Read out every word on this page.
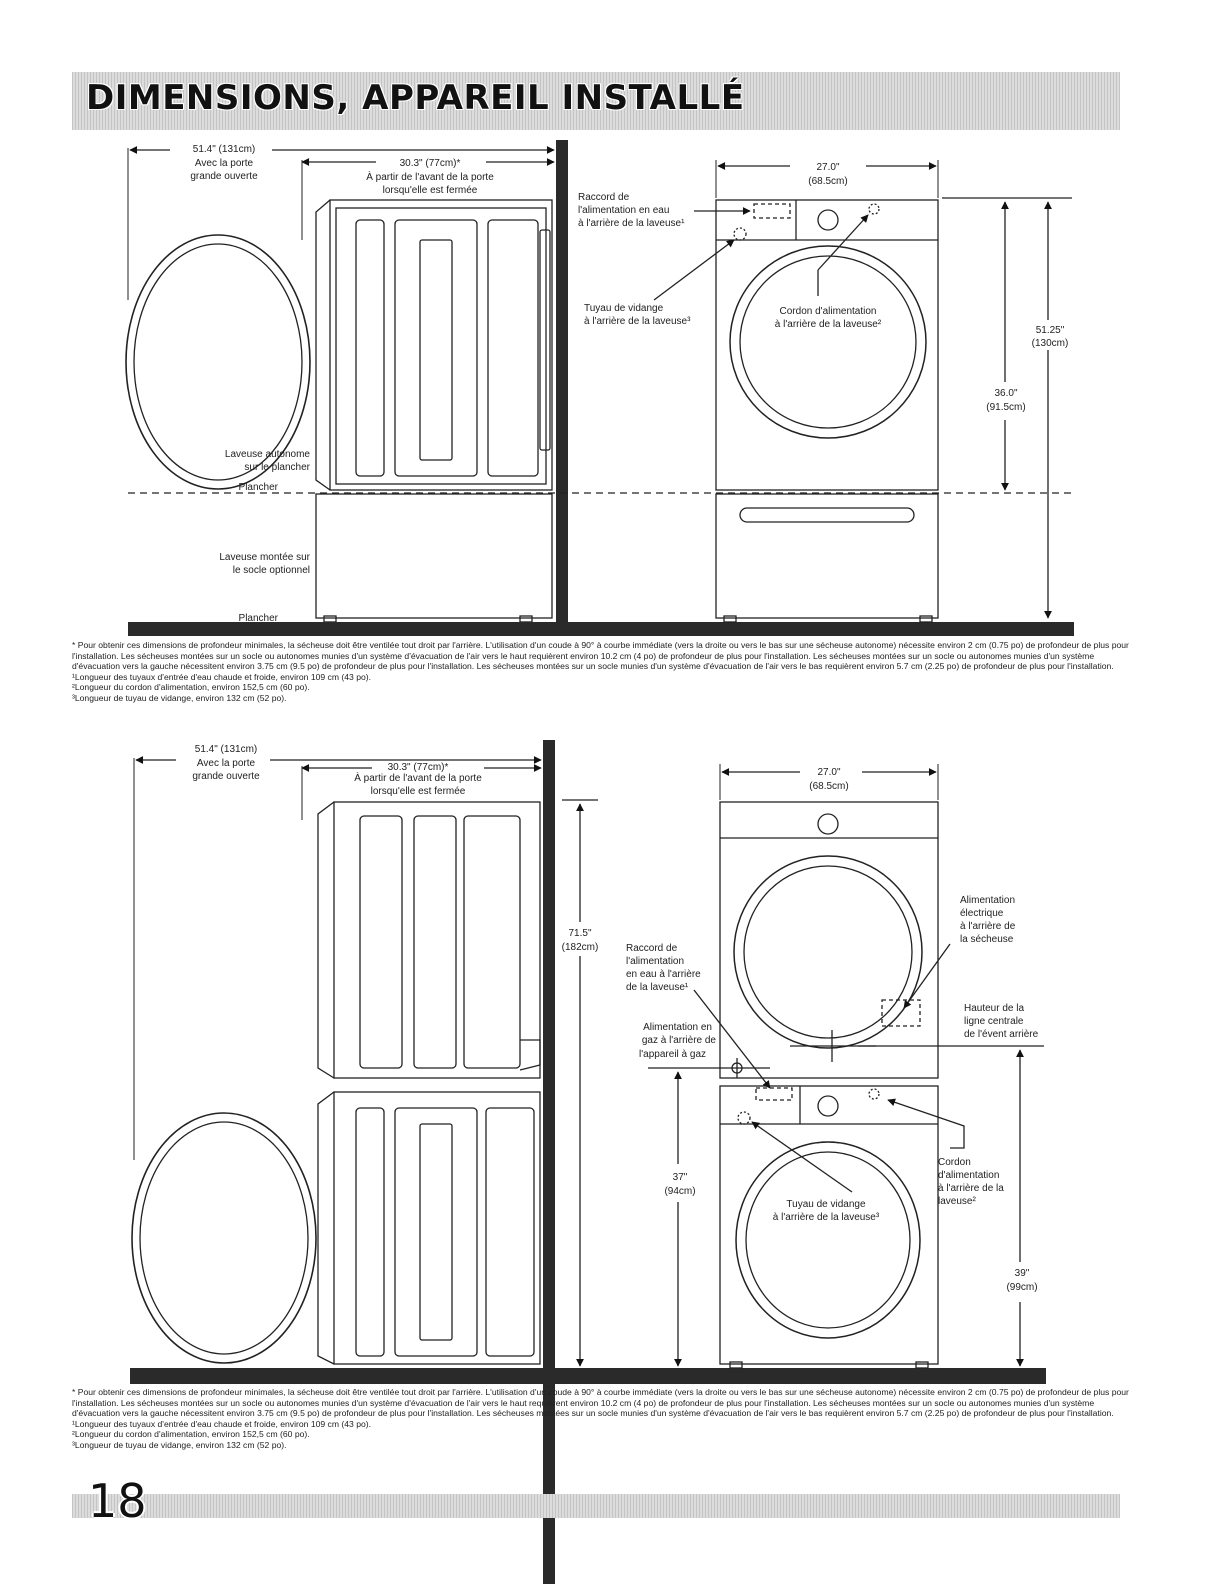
DIMENSIONS, APPAREIL INSTALLÉ
51.4" (131cm)
Avec la porte
grande ouverte
30.3" (77cm)*
À partir de l'avant de la porte
lorsqu'elle est fermée
Laveuse autonome
sur le plancher
Plancher
Laveuse montée sur
le socle optionnel
Plancher
27.0"
(68.5cm)
Raccord de
l'alimentation en eau
à l'arrière de la laveuse¹
Tuyau de vidange
à l'arrière de la laveuse³
Cordon d'alimentation
à l'arrière de la laveuse²
51.25"
(130cm)
36.0"
(91.5cm)
51.4" (131cm)
Avec la porte
grande ouverte
30.3" (77cm)*
À partir de l'avant de la porte
lorsqu'elle est fermée
27.0"
(68.5cm)
71.5"
(182cm)	Raccord de
l'alimentation
en eau à l'arrière
de la laveuse¹
Alimentation en
gaz à l'arrière de
l'appareil à gaz
Alimentation
électrique
à l'arrière de
la sécheuse
Hauteur de la
ligne centrale
de l'évent arrière
37"
(94cm)
Cordon
d'alimentation
à l'arrière de la
laveuse²
Tuyau de vidange
à l'arrière de la laveuse³
39"
(99cm)

* Pour obtenir ces dimensions de profondeur minimales, la sécheuse doit être ventilée tout droit par l'arrière. L'utilisation d'un coude à 90° à courbe immédiate (vers la droite ou vers le bas sur une sécheuse autonome) nécessite environ 2 cm (0.75 po) de profondeur de plus pour l'installation. Les sécheuses montées sur un socle ou autonomes munies d'un système d'évacuation de l'air vers le haut requièrent environ 10.2 cm (4 po) de profondeur de plus pour l'installation. Les sécheuses montées sur un socle ou autonomes munies d'un système d'évacuation vers la gauche nécessitent environ 3.75 cm (9.5 po) de profondeur de plus pour l'installation. Les sécheuses montées sur un socle munies d'un système d'évacuation de l'air vers le bas requièrent environ 5.7 cm (2.25 po) de profondeur de plus pour l'installation.

¹Longueur des tuyaux d'entrée d'eau chaude et froide, environ 109 cm (43 po).

²Longueur du cordon d'alimentation, environ 152,5 cm (60 po).

³Longueur de tuyau de vidange, environ 132 cm (52 po).

* Pour obtenir ces dimensions de profondeur minimales, la sécheuse doit être ventilée tout droit par l'arrière. L'utilisation d'un coude à 90° à courbe immédiate (vers la droite ou vers le bas sur une sécheuse autonome) nécessite environ 2 cm (0.75 po) de profondeur de plus pour l'installation. Les sécheuses montées sur un socle ou autonomes munies d'un système d'évacuation de l'air vers le haut requièrent environ 10.2 cm (4 po) de profondeur de plus pour l'installation. Les sécheuses montées sur un socle ou autonomes munies d'un système d'évacuation vers la gauche nécessitent environ 3.75 cm (9.5 po) de profondeur de plus pour l'installation. Les sécheuses montées sur un socle munies d'un système d'évacuation de l'air vers le bas requièrent environ 5.7 cm (2.25 po) de profondeur de plus pour l'installation.

¹Longueur des tuyaux d'entrée d'eau chaude et froide, environ 109 cm (43 po).

²Longueur du cordon d'alimentation, environ 152,5 cm (60 po).

³Longueur de tuyau de vidange, environ 132 cm (52 po).

18
